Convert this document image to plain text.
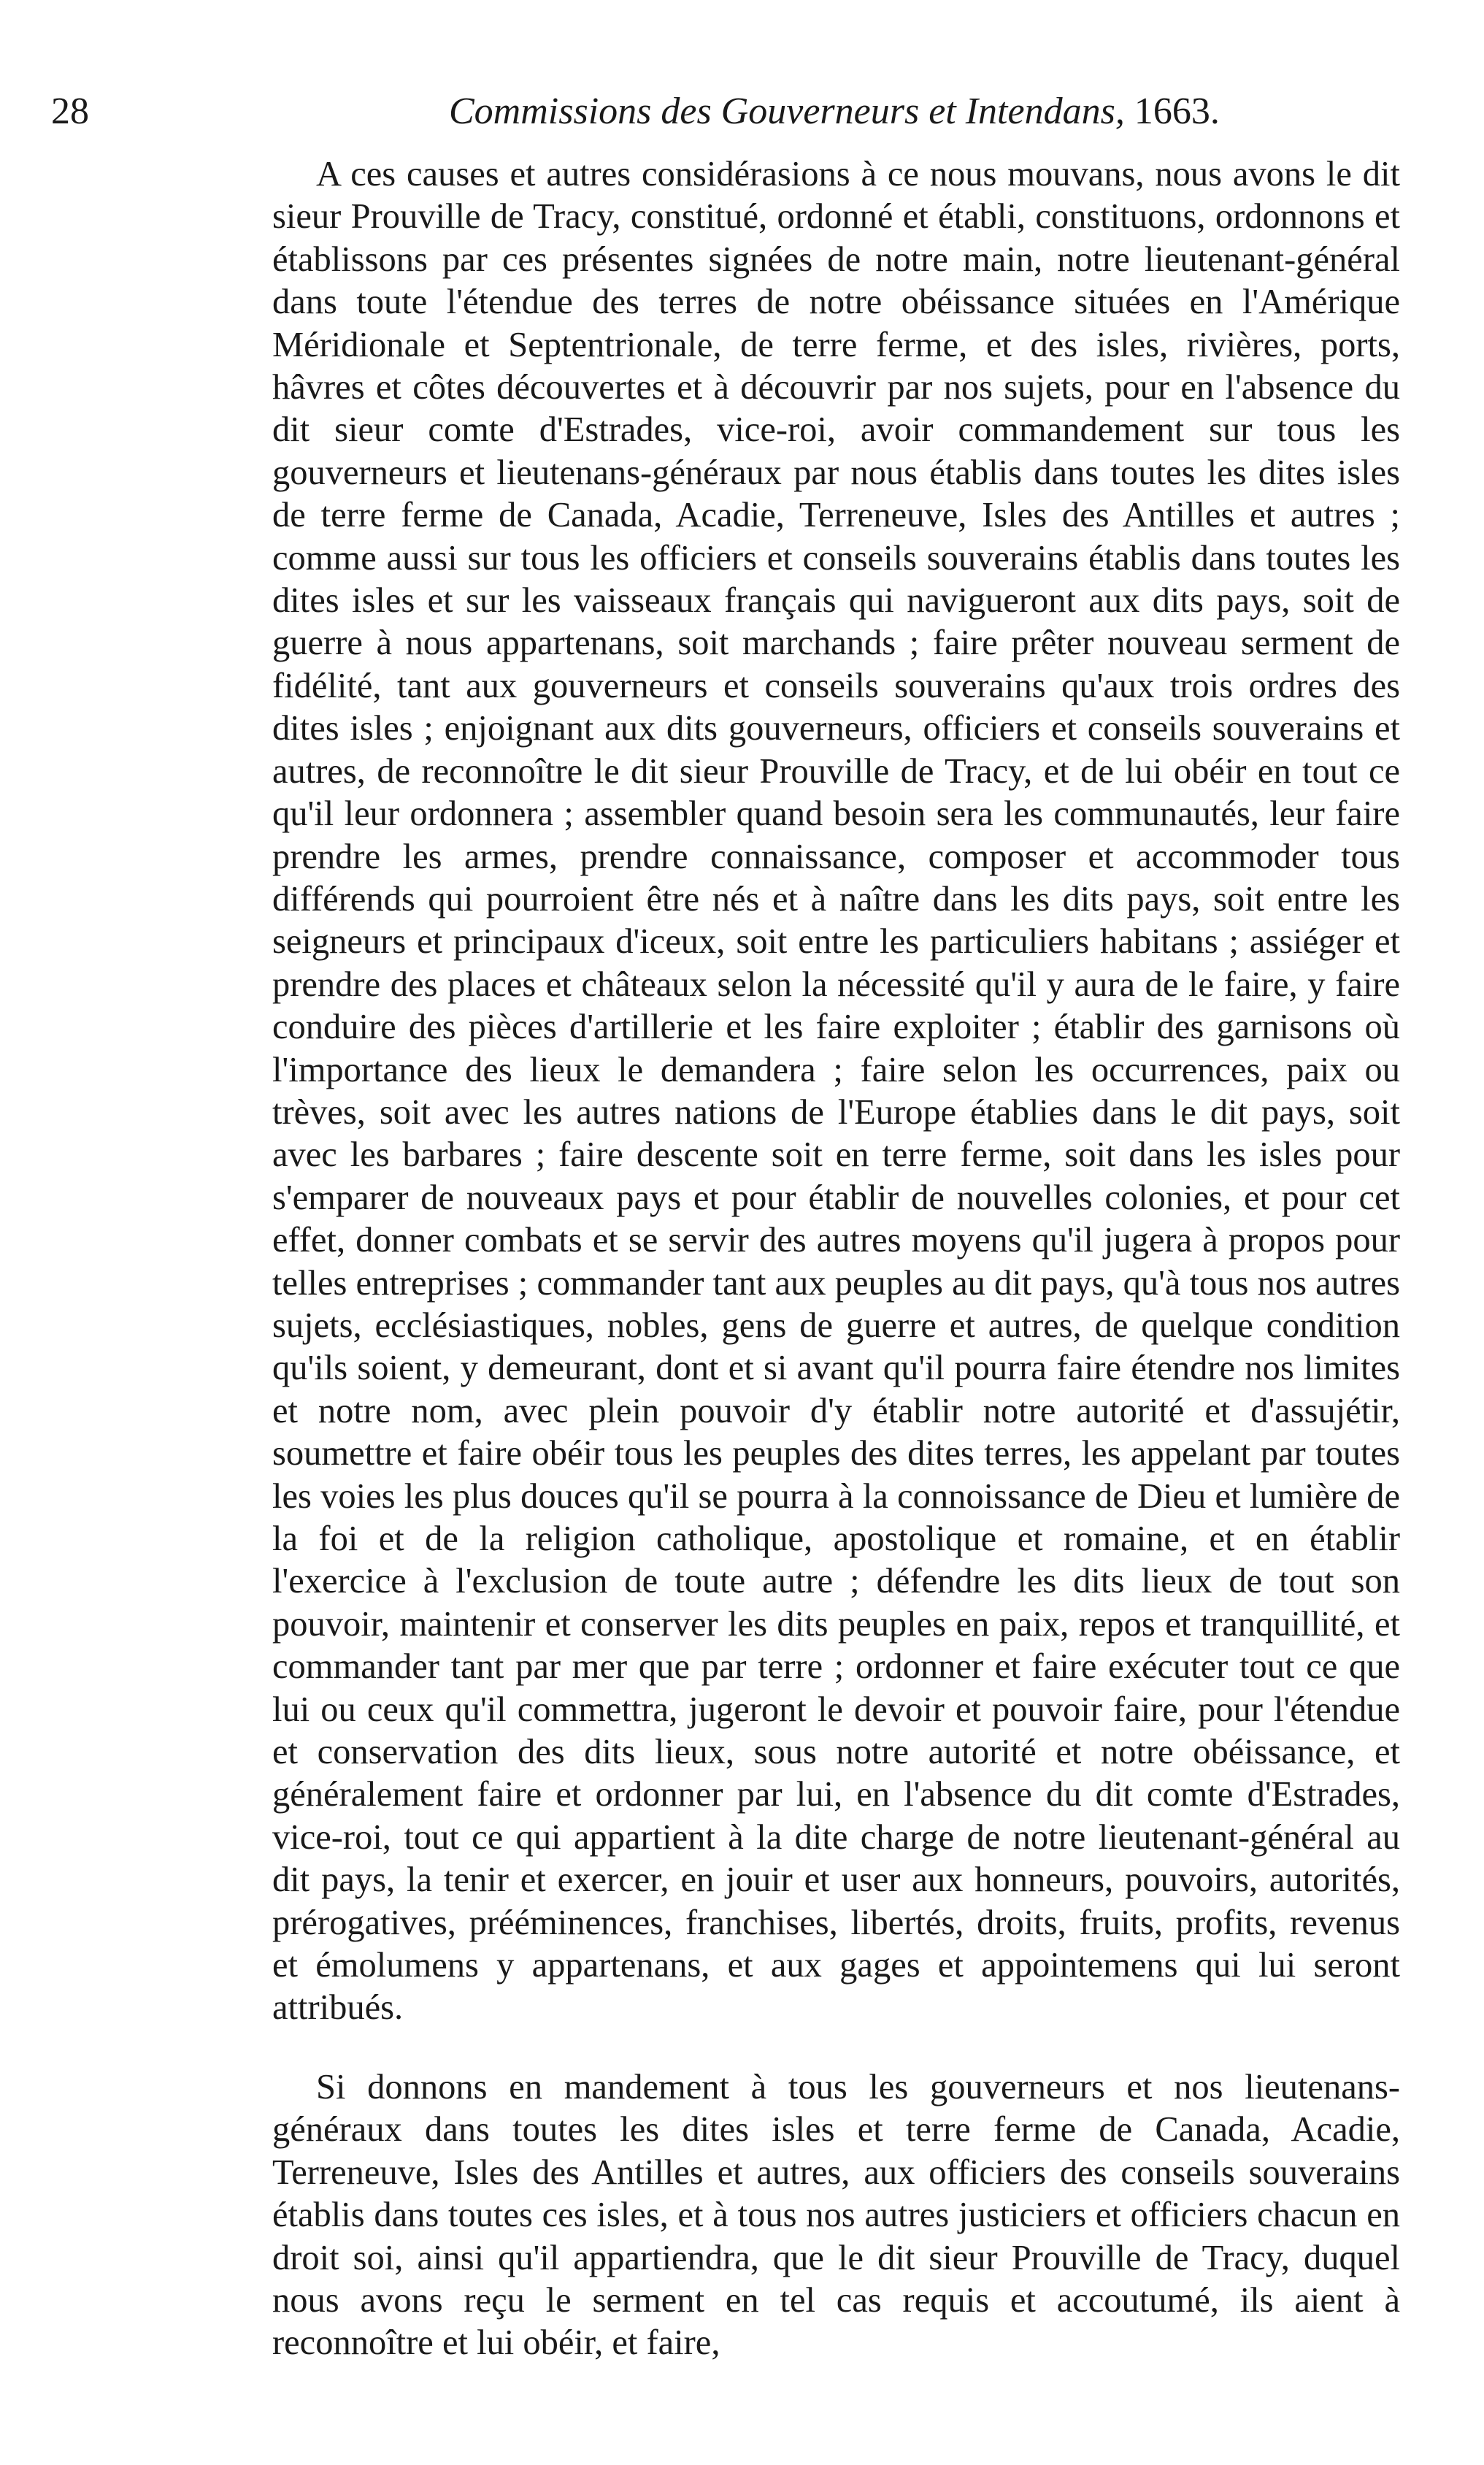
28	Commissions des Gouverneurs et Intendans, 1663.

A ces causes et autres considérasions à ce nous mouvans, nous avons le dit sieur Prouville de Tracy, constitué, ordonné et établi, constituons, ordonnons et établissons par ces présentes signées de notre main, notre lieutenant-général dans toute l'étendue des terres de notre obéissance situées en l'Amérique Méridionale et Septentrionale, de terre ferme, et des isles, rivières, ports, hâvres et côtes découvertes et à découvrir par nos sujets, pour en l'absence du dit sieur comte d'Estrades, vice-roi, avoir commandement sur tous les gouverneurs et lieutenans-généraux par nous établis dans toutes les dites isles de terre ferme de Canada, Acadie, Terreneuve, Isles des Antilles et autres ; comme aussi sur tous les officiers et conseils souverains établis dans toutes les dites isles et sur les vaisseaux français qui navigueront aux dits pays, soit de guerre à nous appartenans, soit marchands ; faire prêter nouveau serment de fidélité, tant aux gouverneurs et conseils souverains qu'aux trois ordres des dites isles ; enjoignant aux dits gouverneurs, officiers et conseils souverains et autres, de reconnoître le dit sieur Prouville de Tracy, et de lui obéir en tout ce qu'il leur ordonnera ; assembler quand besoin sera les communautés, leur faire prendre les armes, prendre connaissance, composer et accommoder tous différends qui pourroient être nés et à naître dans les dits pays, soit entre les seigneurs et principaux d'iceux, soit entre les particuliers habitans ; assiéger et prendre des places et châteaux selon la nécessité qu'il y aura de le faire, y faire conduire des pièces d'artillerie et les faire exploiter ; établir des garnisons où l'importance des lieux le demandera ; faire selon les occurrences, paix ou trèves, soit avec les autres nations de l'Europe établies dans le dit pays, soit avec les barbares ; faire descente soit en terre ferme, soit dans les isles pour s'emparer de nouveaux pays et pour établir de nouvelles colonies, et pour cet effet, donner combats et se servir des autres moyens qu'il jugera à propos pour telles entreprises ; commander tant aux peuples au dit pays, qu'à tous nos autres sujets, ecclésiastiques, nobles, gens de guerre et autres, de quelque condition qu'ils soient, y demeurant, dont et si avant qu'il pourra faire étendre nos limites et notre nom, avec plein pouvoir d'y établir notre autorité et d'assujétir, soumettre et faire obéir tous les peuples des dites terres, les appelant par toutes les voies les plus douces qu'il se pourra à la connoissance de Dieu et lumière de la foi et de la religion catholique, apostolique et romaine, et en établir l'exercice à l'exclusion de toute autre ; défendre les dits lieux de tout son pouvoir, maintenir et conserver les dits peuples en paix, repos et tranquillité, et commander tant par mer que par terre ; ordonner et faire exécuter tout ce que lui ou ceux qu'il commettra, jugeront le devoir et pouvoir faire, pour l'étendue et conservation des dits lieux, sous notre autorité et notre obéissance, et généralement faire et ordonner par lui, en l'absence du dit comte d'Estrades, vice-roi, tout ce qui appartient à la dite charge de notre lieutenant-général au dit pays, la tenir et exercer, en jouir et user aux honneurs, pouvoirs, autorités, prérogatives, prééminences, franchises, libertés, droits, fruits, profits, revenus et émolumens y appartenans, et aux gages et appointemens qui lui seront attribués.

Si donnons en mandement à tous les gouverneurs et nos lieutenans-généraux dans toutes les dites isles et terre ferme de Canada, Acadie, Terreneuve, Isles des Antilles et autres, aux officiers des conseils souverains établis dans toutes ces isles, et à tous nos autres justiciers et officiers chacun en droit soi, ainsi qu'il appartiendra, que le dit sieur Prouville de Tracy, duquel nous avons reçu le serment en tel cas requis et accoutumé, ils aient à reconnoître et lui obéir, et faire,
